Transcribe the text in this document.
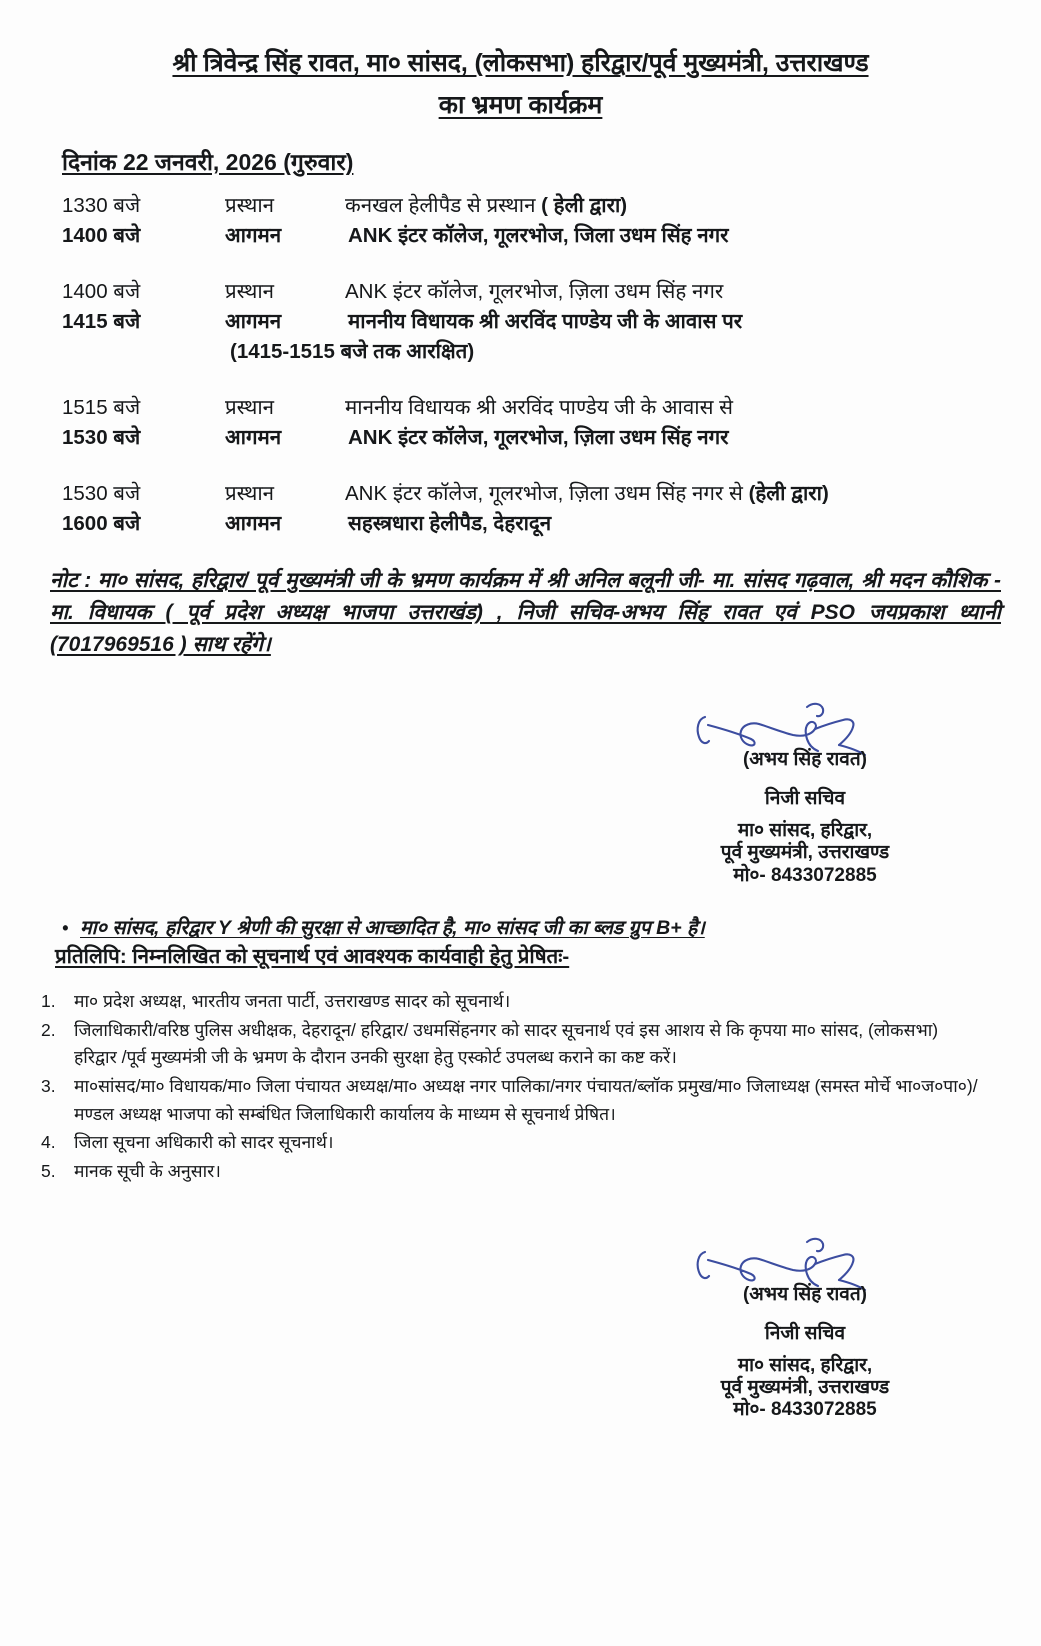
श्री त्रिवेन्द्र सिंह रावत, मा० सांसद, (लोकसभा) हरिद्वार/पूर्व मुख्यमंत्री, उत्तराखण्ड
का भ्रमण कार्यक्रम
दिनांक 22 जनवरी, 2026 (गुरुवार)
1330 बजे	प्रस्थान	कनखल हेलीपैड से प्रस्थान ( हेली द्वारा)
1400 बजे	आगमन	ANK इंटर कॉलेज, गूलरभोज, जिला उधम सिंह नगर
1400 बजे	प्रस्थान	ANK इंटर कॉलेज, गूलरभोज, ज़िला उधम सिंह नगर
1415 बजे	आगमन	माननीय विधायक श्री अरविंद पाण्डेय जी के आवास पर
(1415-1515 बजे तक आरक्षित)
1515 बजे	प्रस्थान	माननीय विधायक श्री अरविंद पाण्डेय जी के आवास से
1530 बजे	आगमन	ANK इंटर कॉलेज, गूलरभोज, ज़िला उधम सिंह नगर
1530 बजे	प्रस्थान	ANK इंटर कॉलेज, गूलरभोज, ज़िला उधम सिंह नगर से (हेली द्वारा)
1600 बजे	आगमन	सहस्त्रधारा हेलीपैड, देहरादून
नोट : मा० सांसद, हरिद्वार/ पूर्व मुख्यमंत्री जी के भ्रमण कार्यक्रम में श्री अनिल बलूनी जी- मा. सांसद गढ़वाल, श्री मदन कौशिक - मा. विधायक ( पूर्व प्रदेश अध्यक्ष भाजपा उत्तराखंड) , निजी सचिव-अभय सिंह रावत एवं PSO जयप्रकाश ध्यानी (7017969516 ) साथ रहेंगे।
(अभय सिंह रावत)
निजी सचिव
मा० सांसद, हरिद्वार,
पूर्व मुख्यमंत्री, उत्तराखण्ड
मो०- 8433072885
• मा० सांसद, हरिद्वार Y श्रेणी की सुरक्षा से आच्छादित है, मा० सांसद जी का ब्लड ग्रुप B+ है।
प्रतिलिपि: निम्नलिखित को सूचनार्थ एवं आवश्यक कार्यवाही हेतु प्रेषितः-
1.	मा० प्रदेश अध्यक्ष, भारतीय जनता पार्टी, उत्तराखण्ड सादर को सूचनार्थ।
2.	जिलाधिकारी/वरिष्ठ पुलिस अधीक्षक, देहरादून/ हरिद्वार/ उधमसिंहनगर को सादर सूचनार्थ एवं इस आशय से कि कृपया मा० सांसद, (लोकसभा) हरिद्वार /पूर्व मुख्यमंत्री जी के भ्रमण के दौरान उनकी सुरक्षा हेतु एस्कोर्ट उपलब्ध कराने का कष्ट करें।
3.	मा०सांसद/मा० विधायक/मा० जिला पंचायत अध्यक्ष/मा० अध्यक्ष नगर पालिका/नगर पंचायत/ब्लॉक प्रमुख/मा० जिलाध्यक्ष (समस्त मोर्चे भा०ज०पा०)/मण्डल अध्यक्ष भाजपा को सम्बंधित जिलाधिकारी कार्यालय के माध्यम से सूचनार्थ प्रेषित।
4.	जिला सूचना अधिकारी को सादर सूचनार्थ।
5.	मानक सूची के अनुसार।
(अभय सिंह रावत)
निजी सचिव
मा० सांसद, हरिद्वार,
पूर्व मुख्यमंत्री, उत्तराखण्ड
मो०- 8433072885
